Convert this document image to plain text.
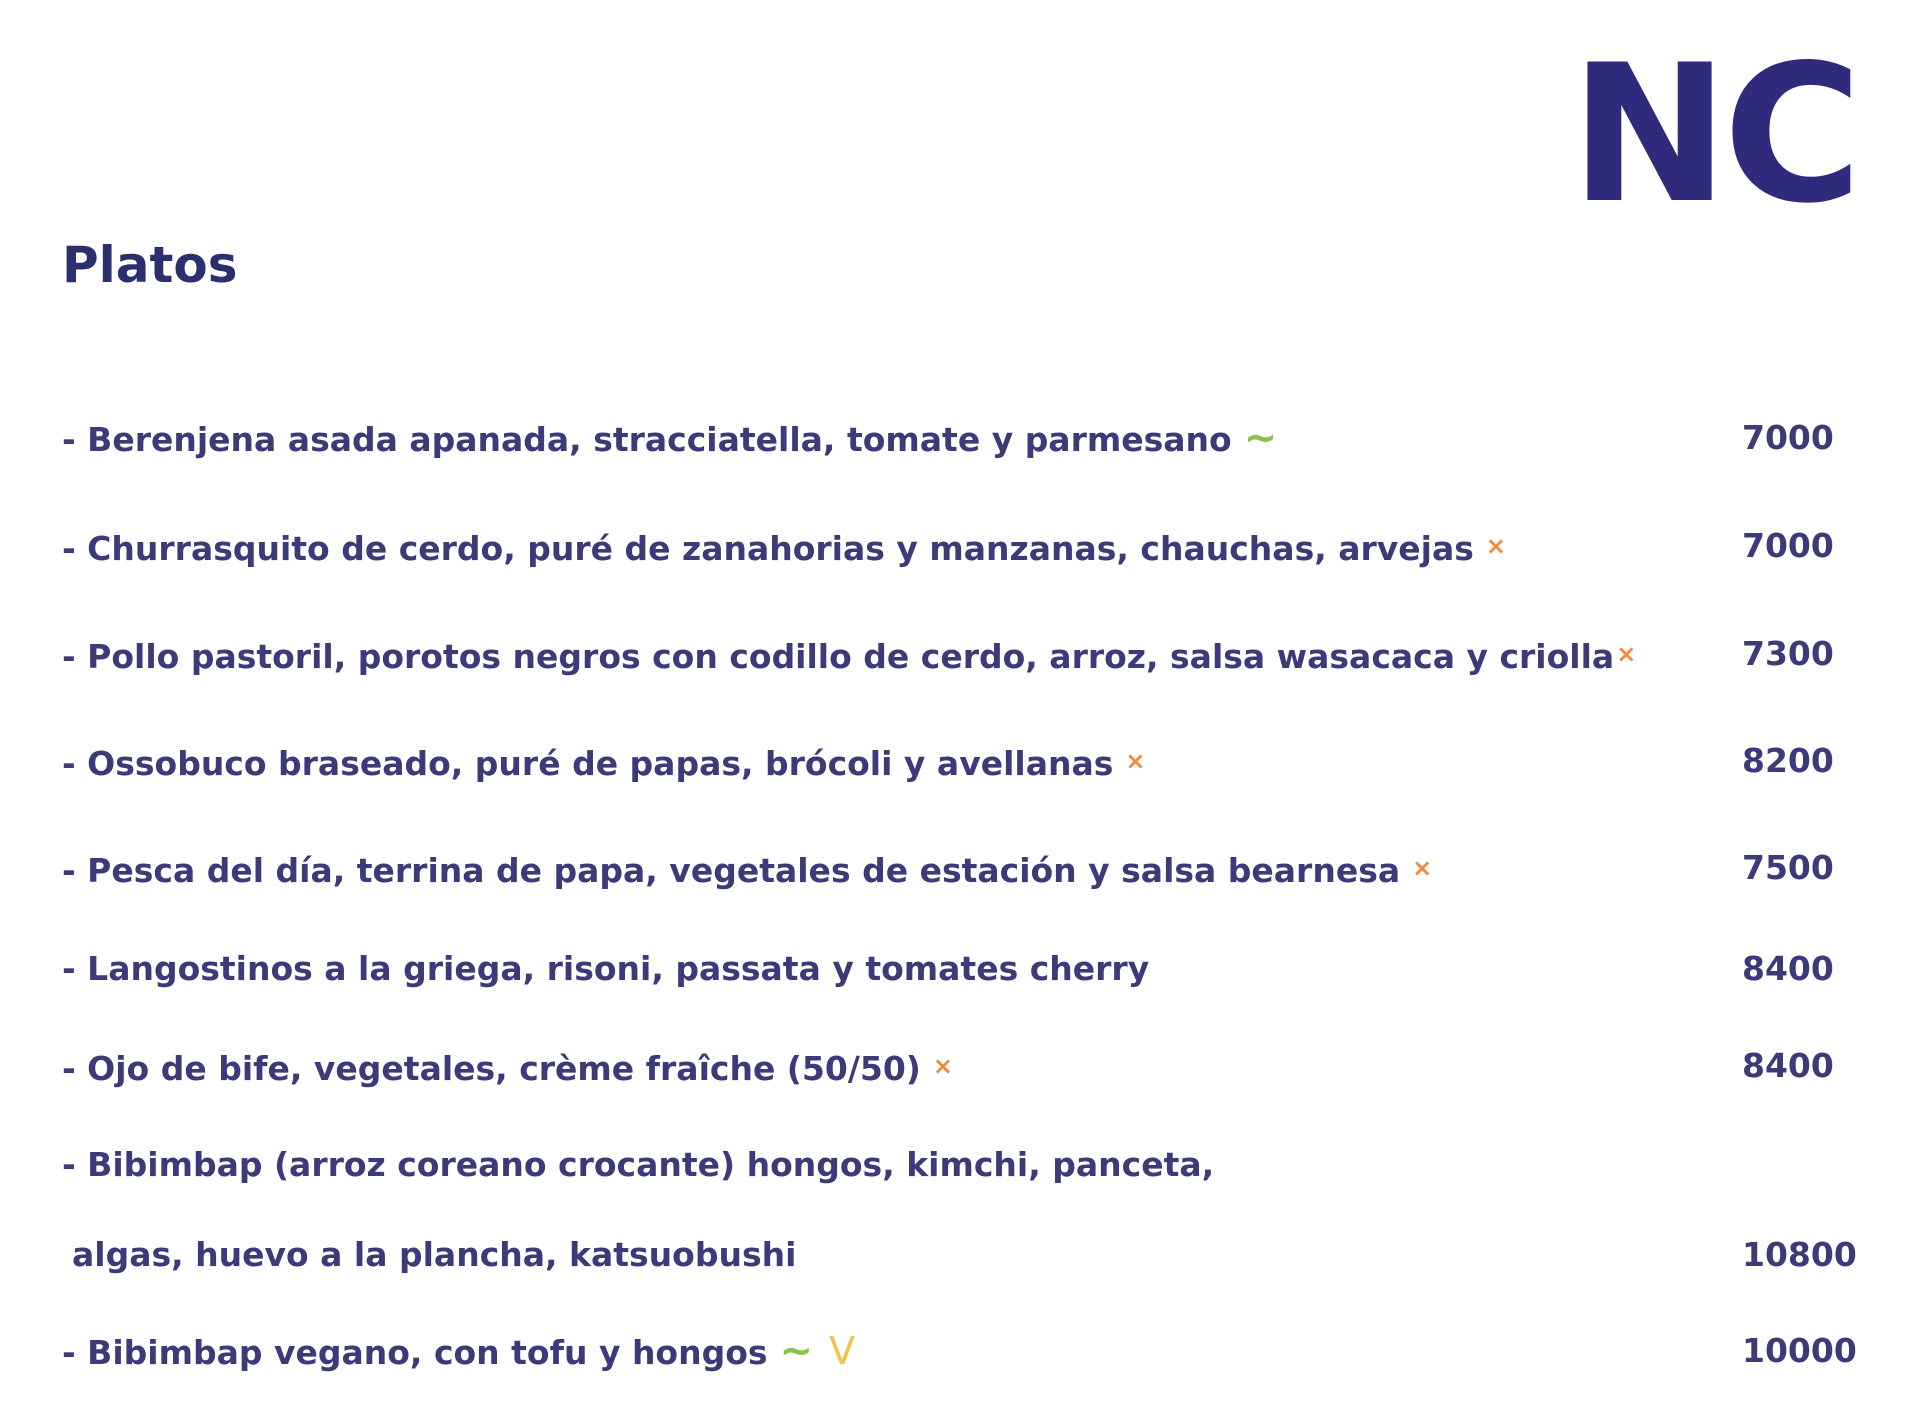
NC
Platos
- Berenjena asada apanada, stracciatella, tomate y parmesano ~	7000
- Churrasquito de cerdo, puré de zanahorias y manzanas, chauchas, arvejas ×	7000
- Pollo pastoril, porotos negros con codillo de cerdo, arroz, salsa wasacaca y criolla×	7300
- Ossobuco braseado, puré de papas, brócoli y avellanas ×	8200
- Pesca del día, terrina de papa, vegetales de estación y salsa bearnesa ×	7500
- Langostinos a la griega, risoni, passata y tomates cherry	8400
- Ojo de bife, vegetales, crème fraîche (50/50) ×	8400
- Bibimbap (arroz coreano crocante) hongos, kimchi, panceta,
algas, huevo a la plancha, katsuobushi	10800
- Bibimbap vegano, con tofu y hongos ~ V	10000
